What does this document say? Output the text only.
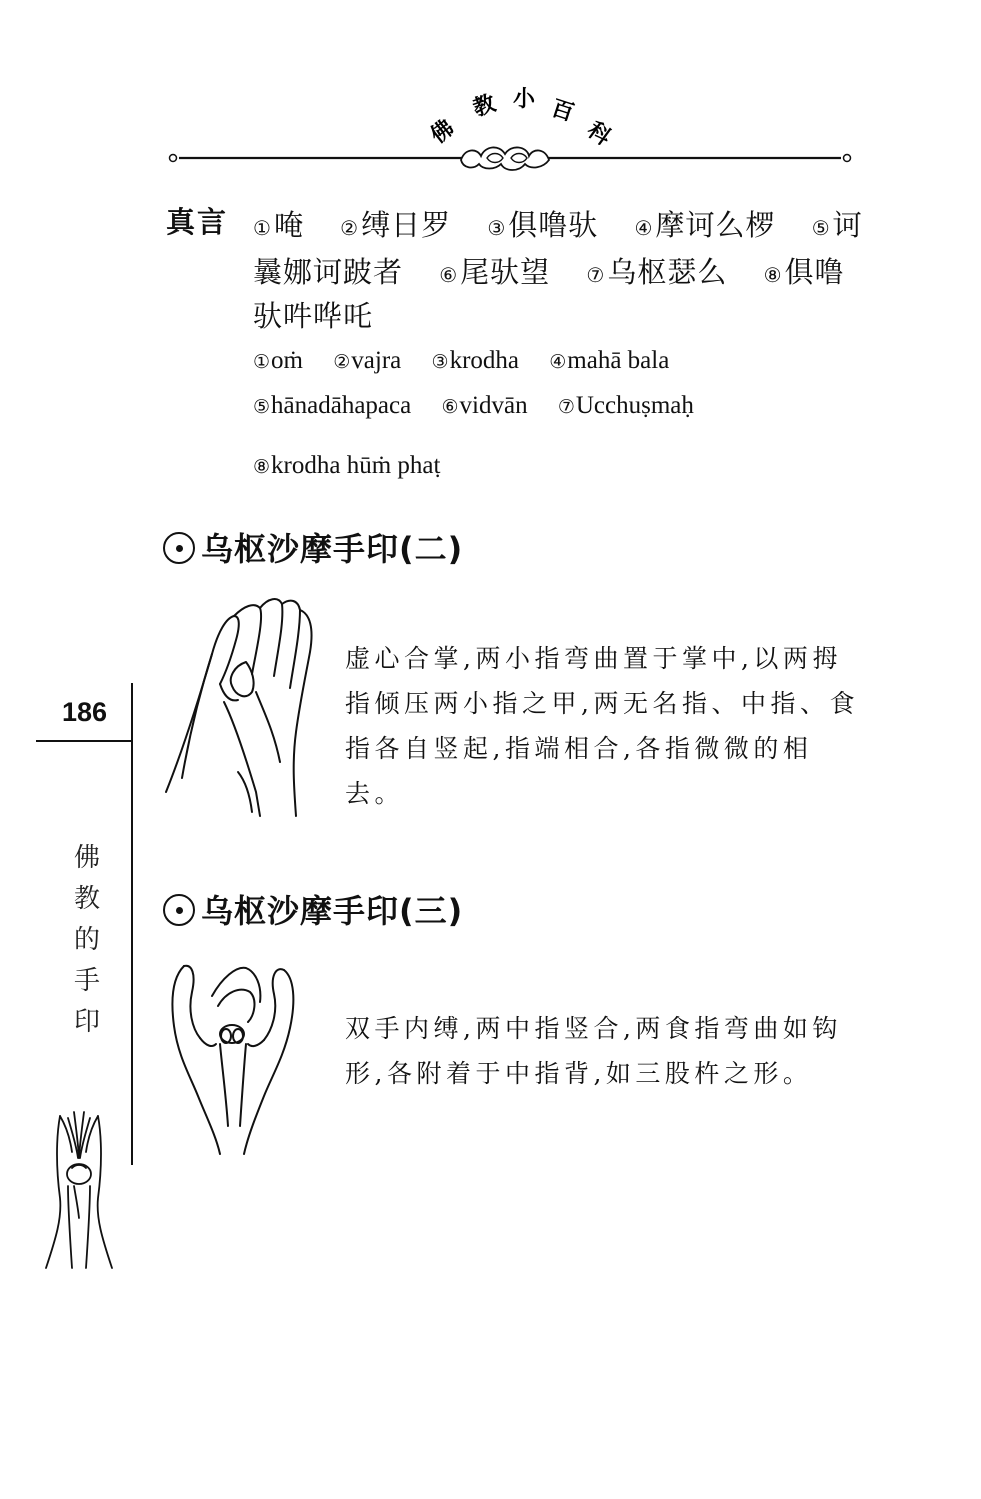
佛
教 小 百
科
真言 ①唵 ②缚日罗 ③俱噜驮 ④摩诃么椤 ⑤诃
曩娜诃跛者 ⑥尾驮望 ⑦乌枢瑟么 ⑧俱噜
驮吽哗吒
①oṁ ②vajra ③krodha ④mahā bala
⑤hānadāhapaca ⑥vidvān ⑦Ucchuṣmaḥ
⑧krodha hūṁ phaṭ
乌枢沙摩手印(二)

虚心合掌,两小指弯曲置于掌中,以两拇指倾压两小指之甲,两无名指、中指、食指各自竖起,指端相合,各指微微的相去。

乌枢沙摩手印(三)

双手内缚,两中指竖合,两食指弯曲如钩形,各附着于中指背,如三股杵之形。

186
佛
教
的
手
印
